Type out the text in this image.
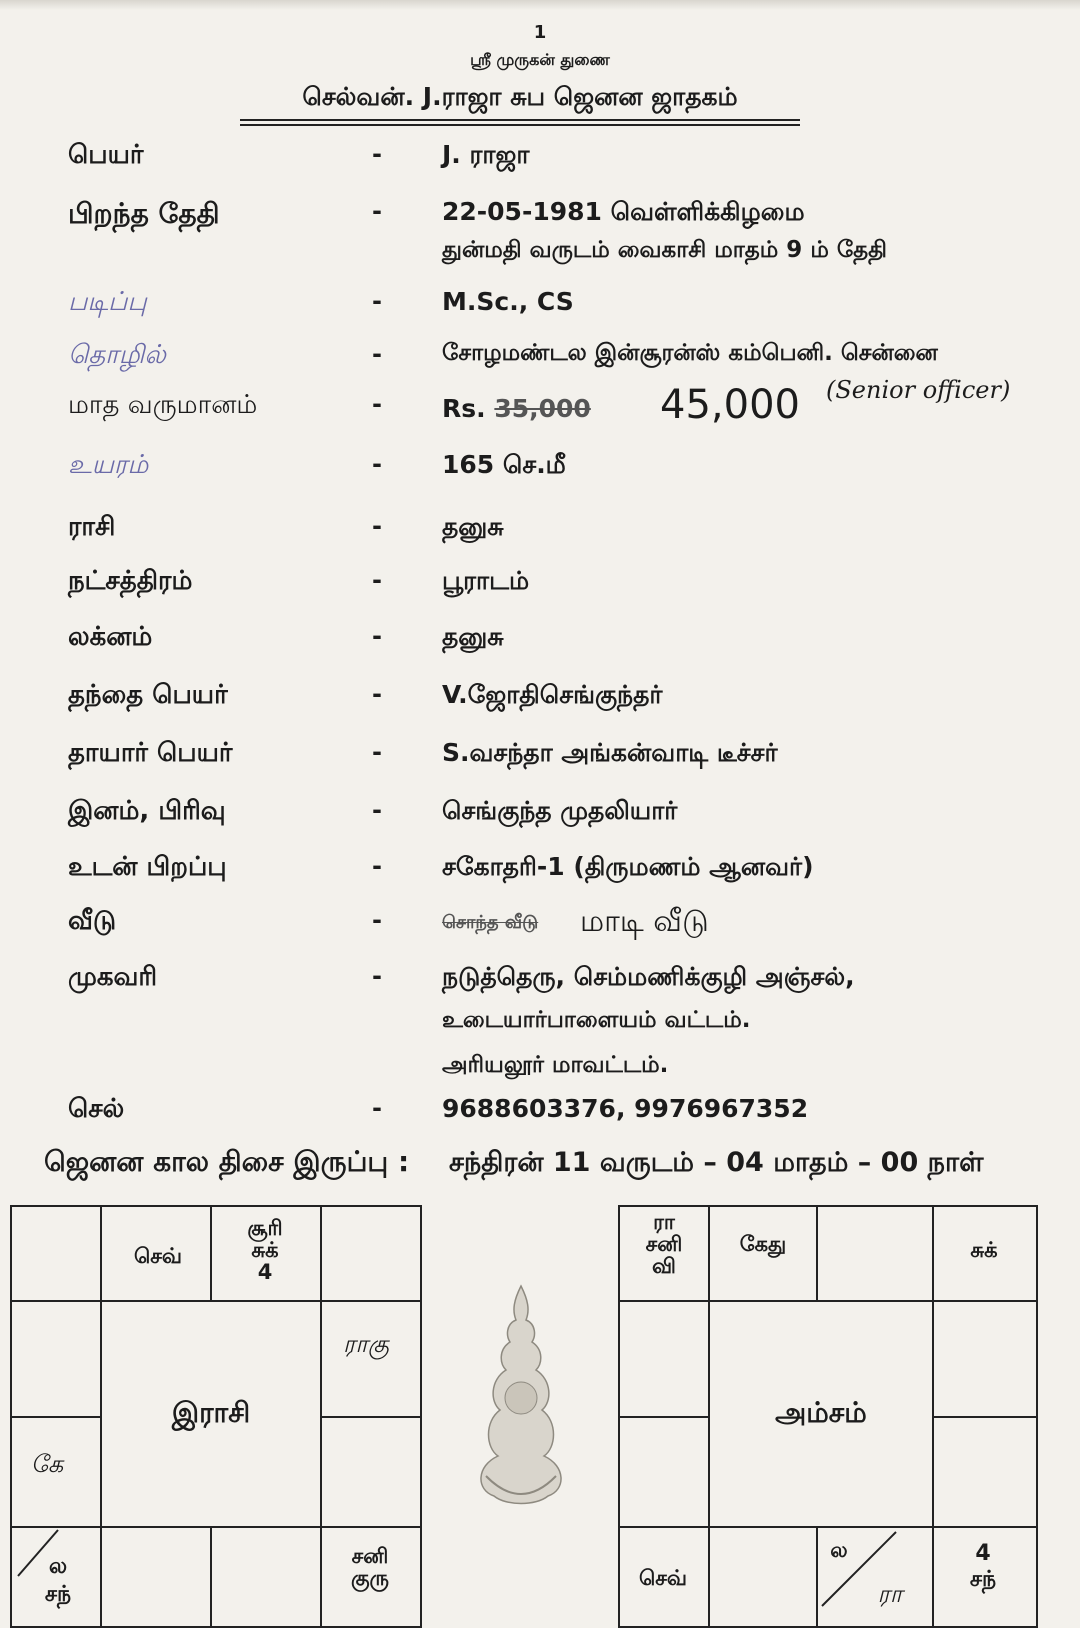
1
ஸ்ரீ முருகன் துணை
செல்வன். J.ராஜா சுப ஜெனன ஜாதகம்
பெயர்	- J. ராஜா
பிறந்த தேதி	- 22-05-1981 வெள்ளிக்கிழமை
துன்மதி வருடம் வைகாசி மாதம் 9 ம் தேதி
படிப்பு	- M.Sc., CS
தொழில்	-	சோழமண்டல இன்சூரன்ஸ் கம்பெனி. சென்னை
மாத வருமானம்	- Rs. 35,000 45,000 (Senior officer)
உயரம்	- 165 செ.மீ
ராசி	- தனுசு
நட்சத்திரம்	- பூராடம்
லக்னம்	- தனுசு
தந்தை பெயர்	- V.ஜோதிசெங்குந்தர்
தாயார் பெயர்	- S.வசந்தா அங்கன்வாடி டீச்சர்
இனம், பிரிவு	- செங்குந்த முதலியார்
உடன் பிறப்பு	- சகோதரி-1 (திருமணம் ஆனவர்)
வீடு	-	சொந்த வீடு மாடி வீடு
முகவரி	- நடுத்தெரு, செம்மணிக்குழி அஞ்சல்,
உடையார்பாளையம் வட்டம்.
அரியலூர் மாவட்டம்.
செல்	- 9688603376, 9976967352
ஜெனன கால திசை இருப்பு : சந்திரன் 11 வருடம் – 04 மாதம் – 00 நாள்
இராசி
செவ்
சூரி
சுக்
4
ராகு
கே
ல
சந்
சனி
குரு
அம்சம்
ரா
சனி
வி
கேது	சுக்
செவ்
ல
ரா
4
சந்
